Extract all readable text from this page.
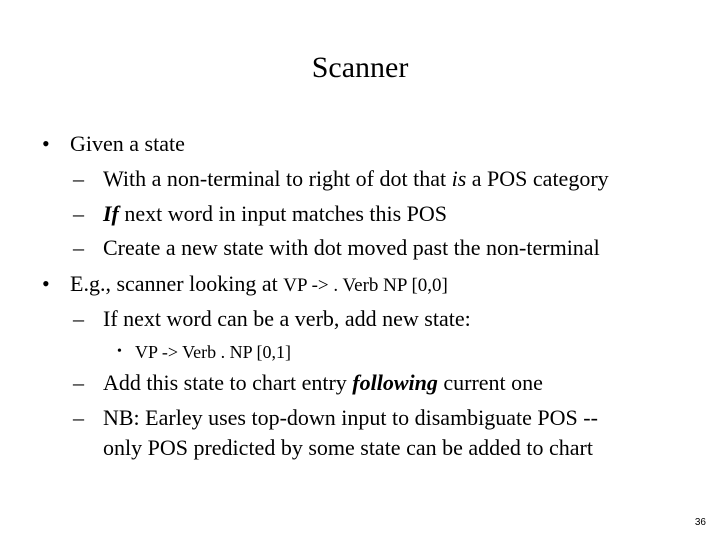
Scanner
• Given a state
– With a non-terminal to right of dot that is a POS category
– If next word in input matches this POS
– Create a new state with dot moved past the non-terminal
• E.g., scanner looking at VP -> . Verb NP [0,0]
– If next word can be a verb, add new state:
• VP -> Verb . NP [0,1]
– Add this state to chart entry following current one
– NB: Earley uses top-down input to disambiguate POS --
only POS predicted by some state can be added to chart
36
